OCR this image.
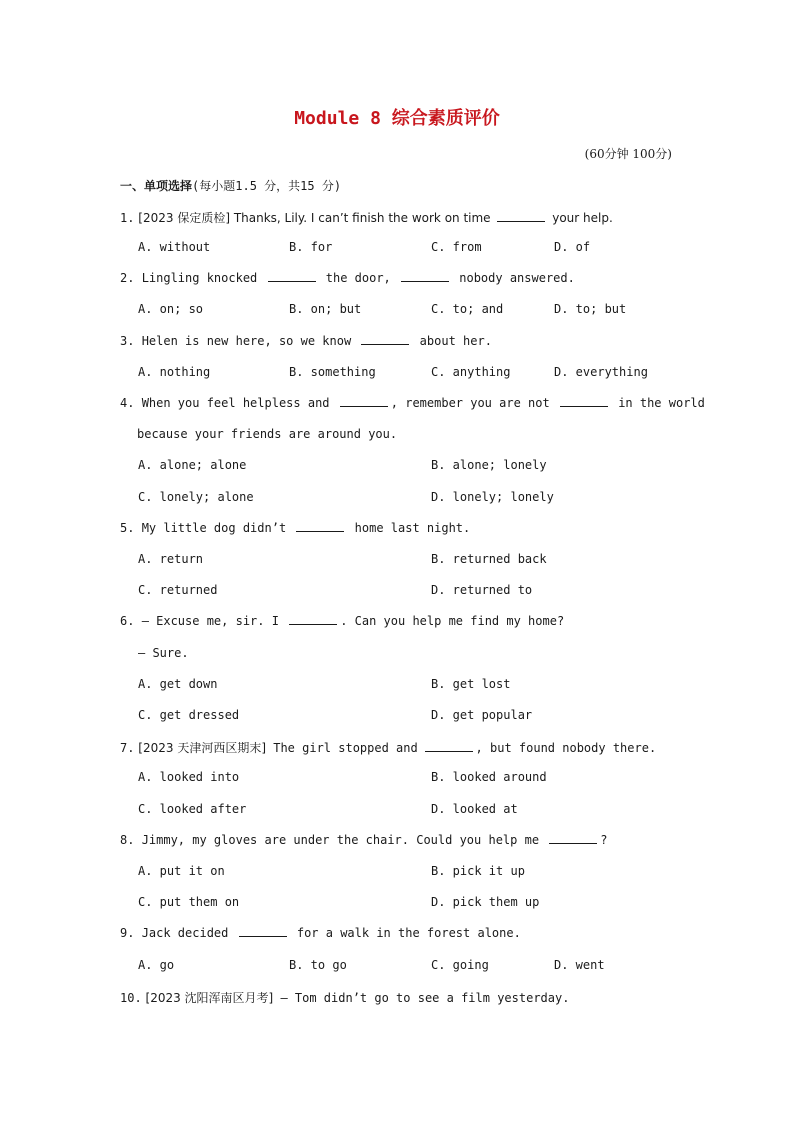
Module 8 综合素质评价
(60分钟 100分)
一、单项选择(每小题1.5 分，共15 分)
1. [2023 保定质检] Thanks, Lily. I can’t finish the work on time	your help.
A. without	B. for	C. from	D. of
2. Lingling knocked	the door,	nobody answered.
A. on; so	B. on; but	C. to; and	D. to; but
3. Helen is new here, so we know	about her.
A. nothing	B. something	C. anything	D. everything
4. When you feel helpless and	, remember you are not	in the world
because your friends are around you.
A. alone; alone	B. alone; lonely
C. lonely; alone	D. lonely; lonely
5. My little dog didn’t	home last night.
A. return	B. returned back
C. returned	D. returned to
6. — Excuse me, sir. I	. Can you help me find my home?
— Sure.
A. get down	B. get lost
C. get dressed	D. get popular
7. [2023 天津河西区期末] The girl stopped and	, but found nobody there.
A. looked into	B. looked around
C. looked after	D. looked at
8. Jimmy, my gloves are under the chair. Could you help me	?
A. put it on	B. pick it up
C. put them on	D. pick them up
9. Jack decided	for a walk in the forest alone.
A. go	B. to go	C. going	D. went
10. [2023 沈阳浑南区月考] — Tom didn’t go to see a film yesterday.
